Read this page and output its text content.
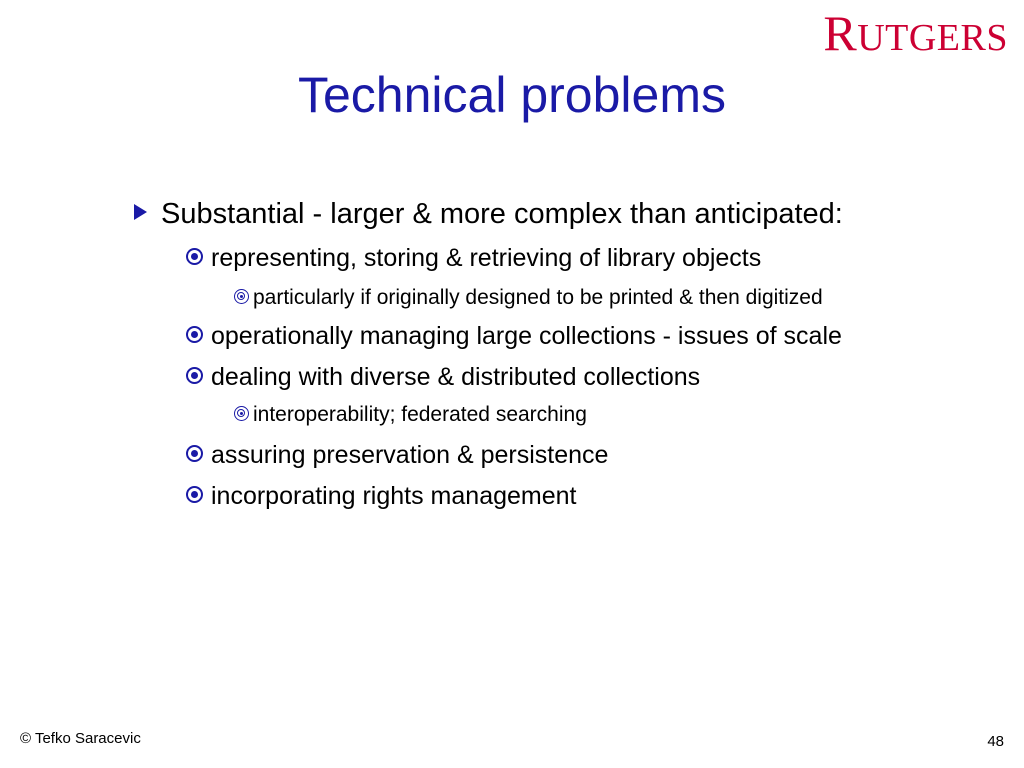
RUTGERS
Technical problems
Substantial - larger & more complex than anticipated:
representing, storing & retrieving of library objects
particularly if originally designed to be printed & then digitized
operationally managing large collections - issues of scale
dealing with diverse & distributed collections
interoperability; federated searching
assuring preservation & persistence
incorporating rights management
© Tefko Saracevic	48
